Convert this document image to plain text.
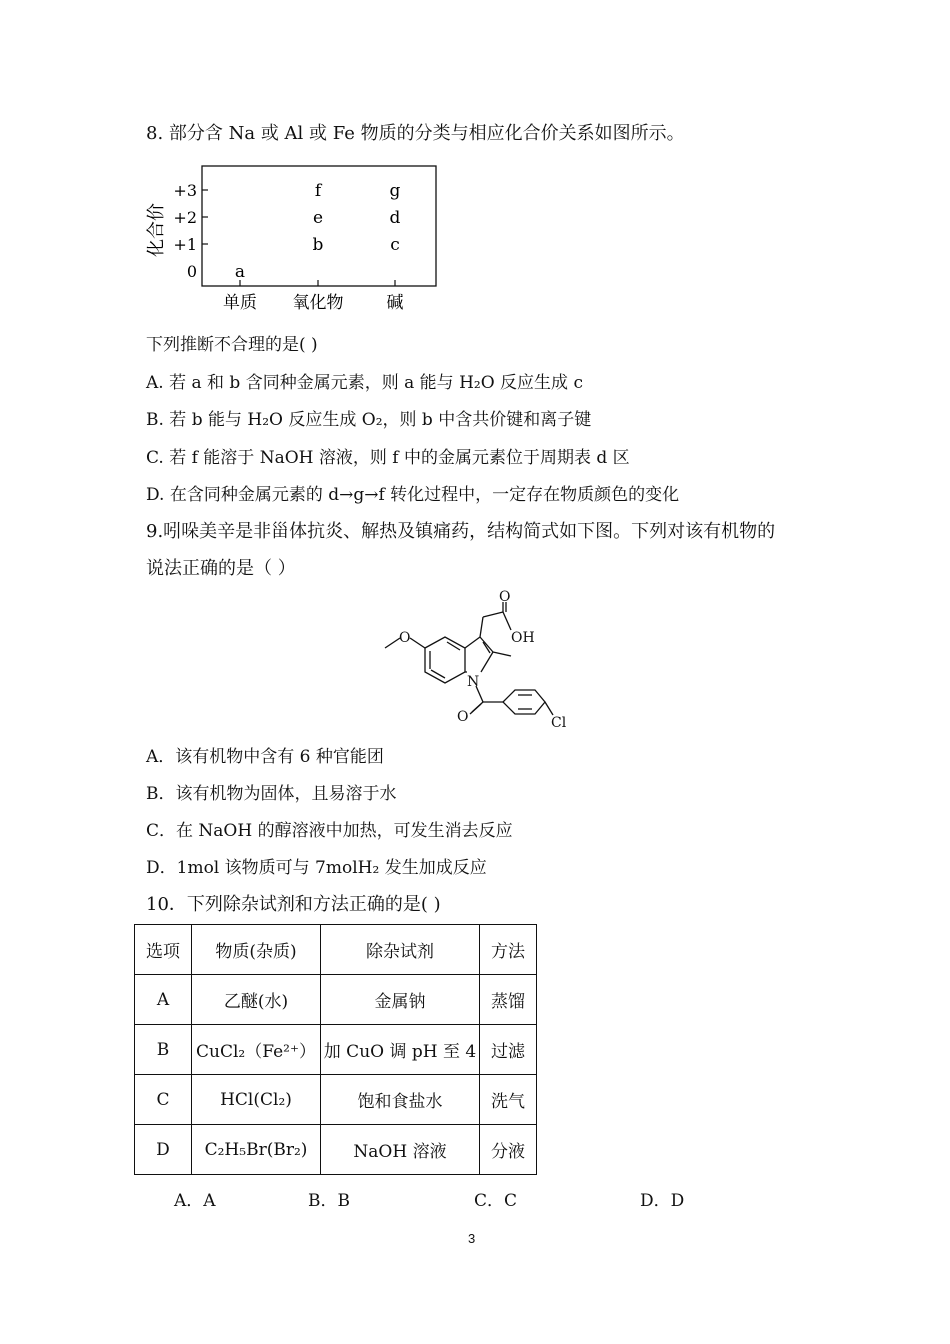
8. 部分含 Na 或 Al 或 Fe 物质的分类与相应化合价关系如图所示。
化合价
+3
+2
+1
0
单质 氧化物	碱
a
b
e
f
c
d
g
下列推断不合理的是( )
A. 若 a 和 b 含同种金属元素，则 a 能与 H₂O 反应生成 c
B. 若 b 能与 H₂O 反应生成 O₂，则 b 中含共价键和离子键
C. 若 f 能溶于 NaOH 溶液，则 f 中的金属元素位于周期表 d 区
D. 在含同种金属元素的 d→g→f 转化过程中，一定存在物质颜色的变化
9.吲哚美辛是非甾体抗炎、解热及镇痛药，结构简式如下图。下列对该有机物的
说法正确的是（ ）
O
O
OH
N
O	Cl
A．该有机物中含有 6 种官能团
B．该有机物为固体，且易溶于水
C．在 NaOH 的醇溶液中加热，可发生消去反应
D．1mol 该物质可与 7molH₂ 发生加成反应
10．下列除杂试剂和方法正确的是( )
选项	物质(杂质)	除杂试剂	方法
A	乙醚(水)	金属钠	蒸馏
B	CuCl₂（Fe²⁺）	加 CuO 调 pH 至 4	过滤
C	HCl(Cl₂)	饱和食盐水	洗气
D	C₂H₅Br(Br₂)	NaOH 溶液	分液
A．A	B．B	C．C	D．D
3
